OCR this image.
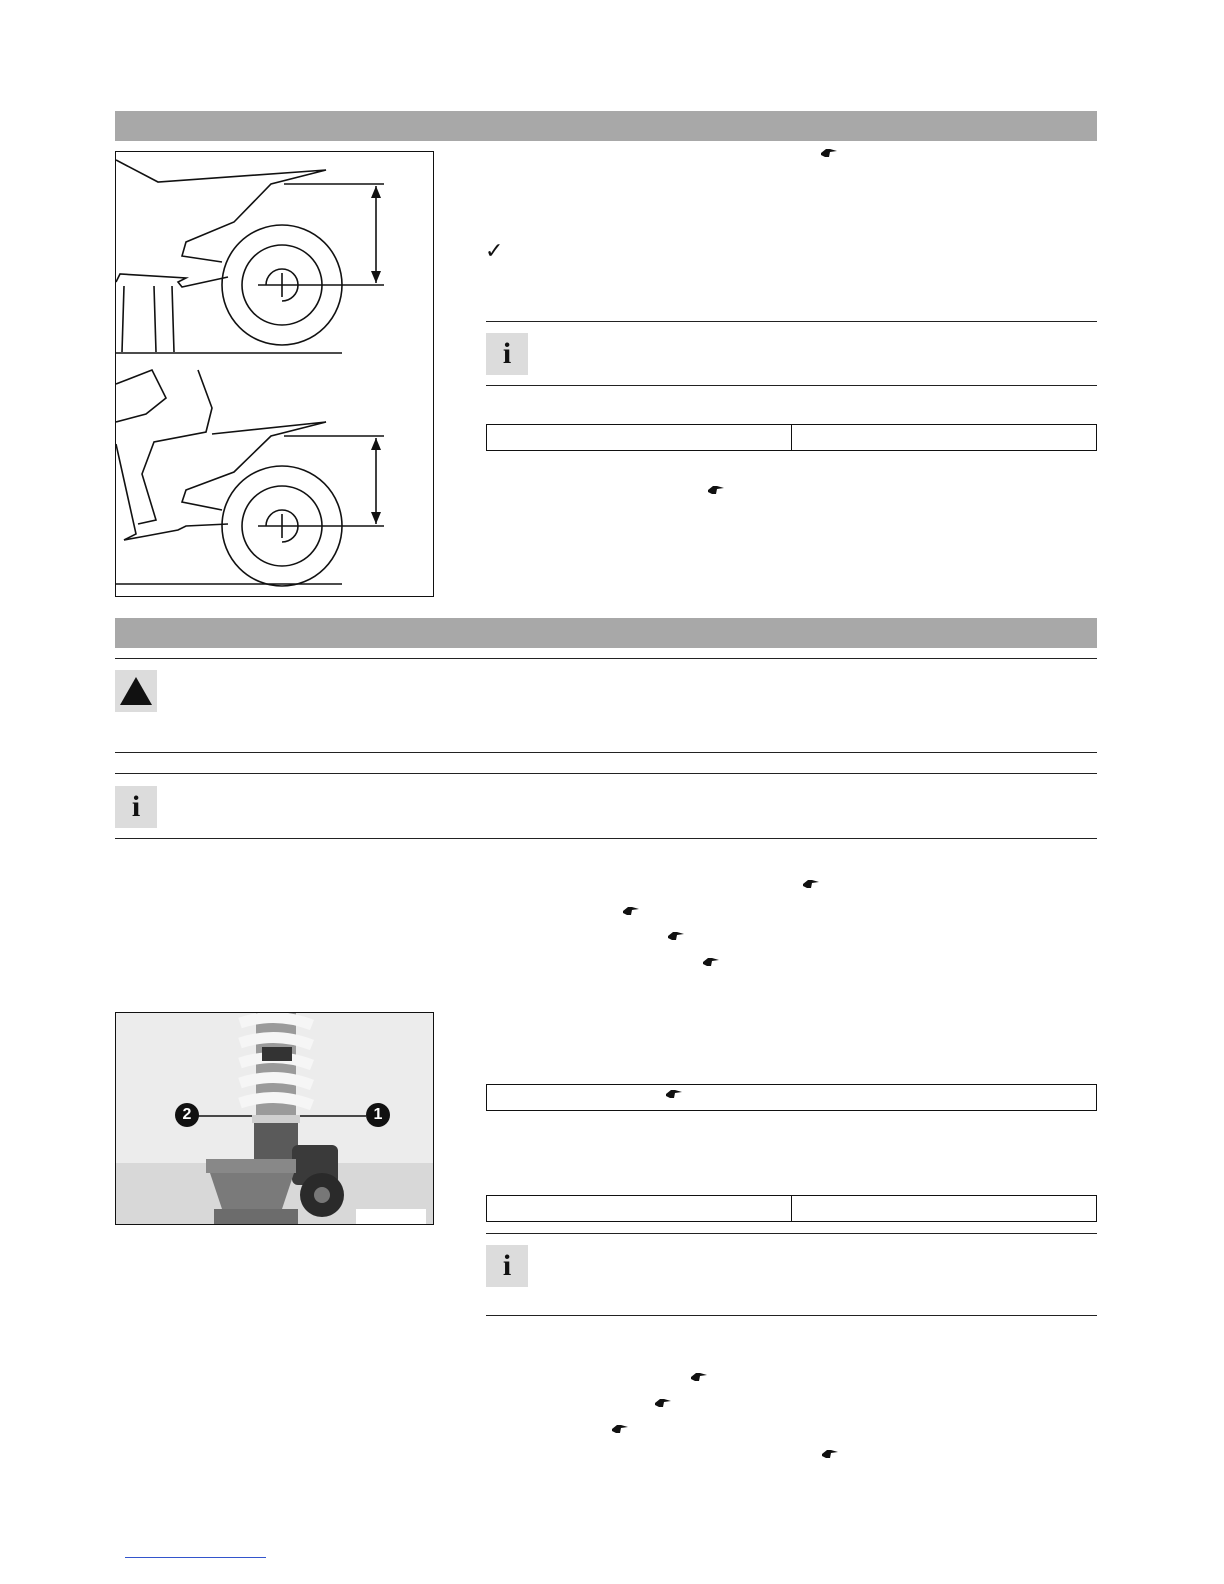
✓
i
i
2	1
i
